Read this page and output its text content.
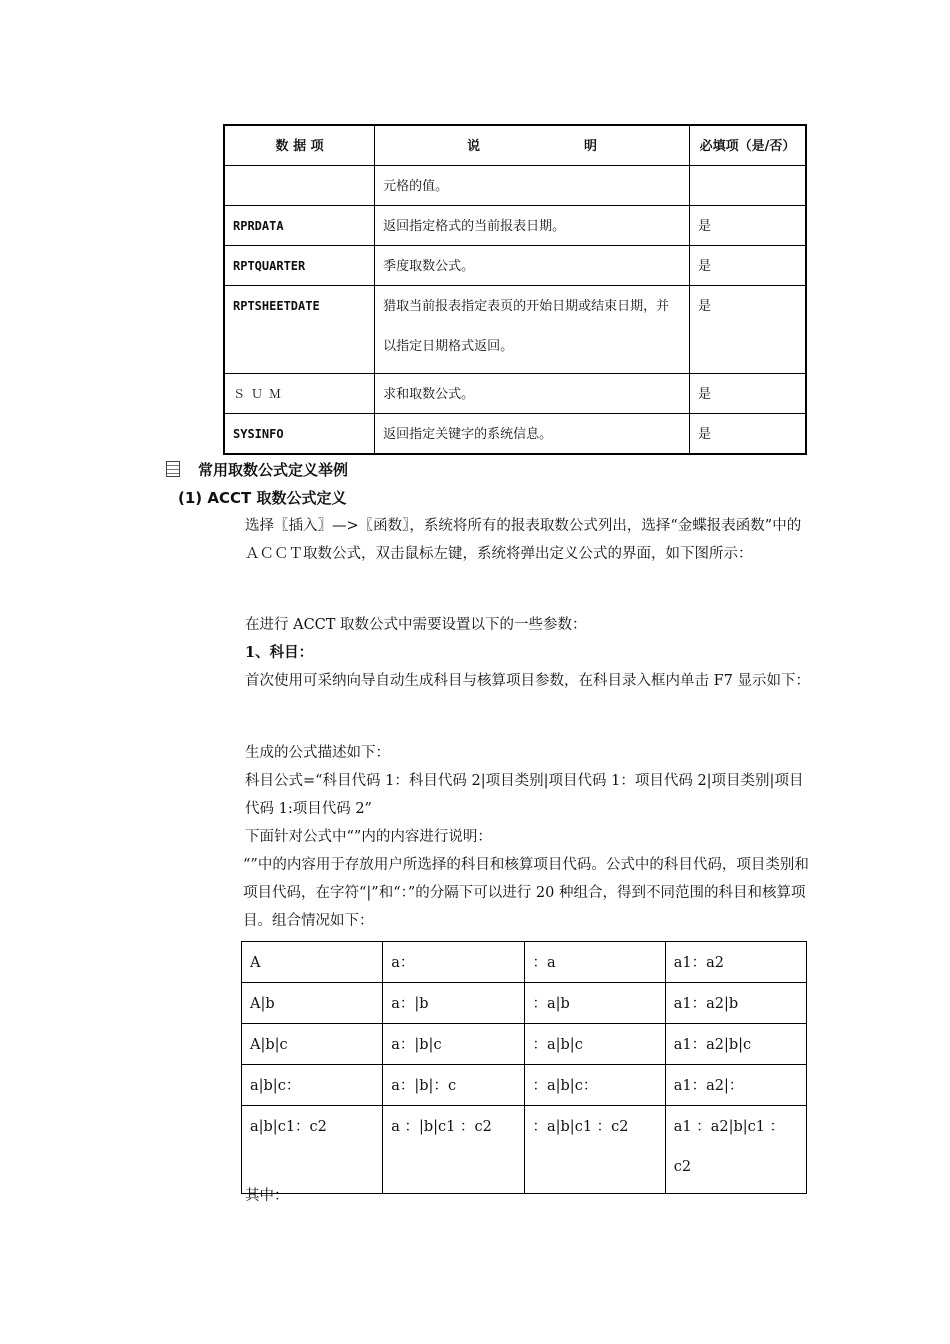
数 据 项	说　　　　　　　　明	必填项（是/否）
	元格的值。	
RPRDATA	返回指定格式的当前报表日期。	是
RPTQUARTER	季度取数公式。	是
RPTSHEETDATE	猎取当前报表指定表页的开始日期或结束日期，并以指定日期格式返回。	是
ＳＵＭ	求和取数公式。	是
SYSINFO	返回指定关键字的系统信息。	是
常用取数公式定义举例
(1) ACCT 取数公式定义
选择〖插入〗—>〖函数〗，系统将所有的报表取数公式列出，选择“金蝶报表函数”中的ＡＣＣＴ取数公式，双击鼠标左键，系统将弹出定义公式的界面，如下图所示：
在进行 ACCT 取数公式中需要设置以下的一些参数：
1、科目：
首次使用可采纳向导自动生成科目与核算项目参数，在科目录入框内单击 F7 显示如下：
生成的公式描述如下：
科目公式=“科目代码 1：科目代码 2|项目类别|项目代码 1：项目代码 2|项目类别|项目代码 1:项目代码 2”
下面针对公式中“”内的内容进行说明：
“”中的内容用于存放用户所选择的科目和核算项目代码。公式中的科目代码，项目类别和项目代码，在字符“|”和“：”的分隔下可以进行 20 种组合，得到不同范围的科目和核算项目。组合情况如下：
A	a：	：a	a1：a2
A|b	a：|b	：a|b	a1：a2|b
A|b|c	a：|b|c	：a|b|c	a1：a2|b|c
a|b|c：	a：|b|：c	：a|b|c：	a1：a2|：
a|b|c1：c2	a ：|b|c1 ：c2	：a|b|c1 ：c2	a1 ：a2|b|c1 ：c2
其中：
